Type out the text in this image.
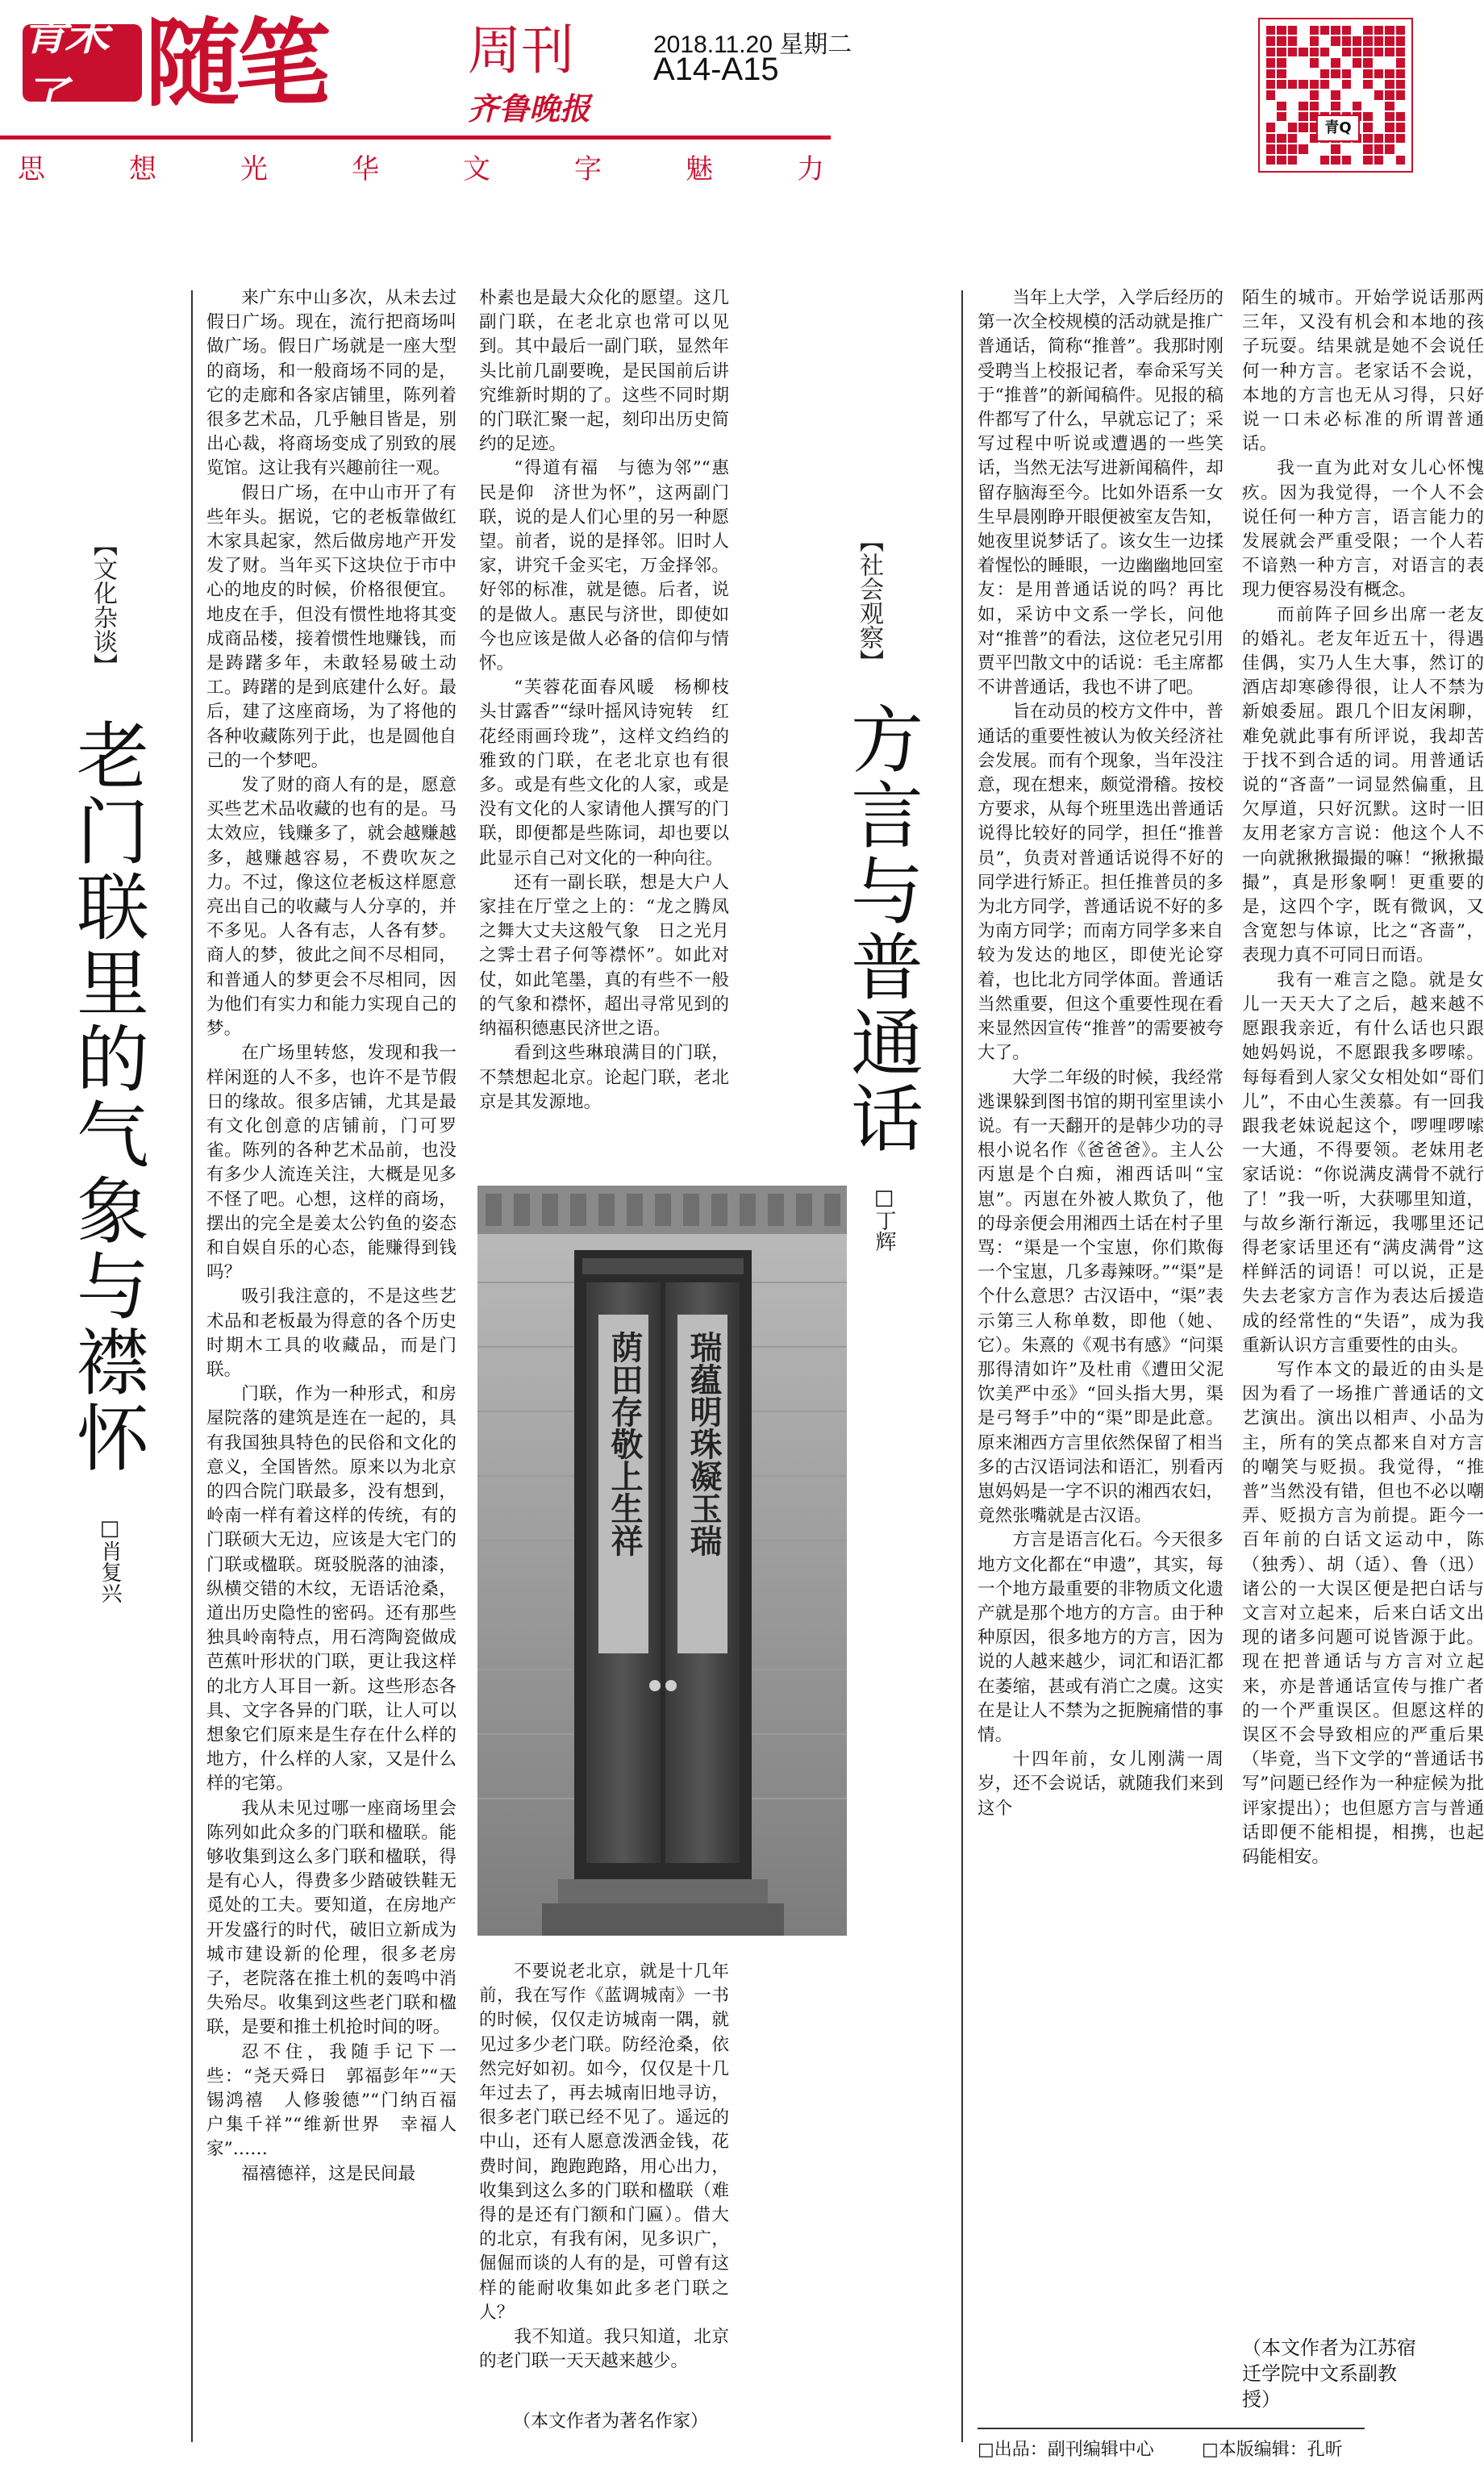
青未了 随笔	周刊
齐鲁晚报
2018.11.20 星期二
A14-A15
思	想	光	华	文	字	魅	力
青Q
【文化杂谈】
老门联里的气象与襟怀
□肖复兴

来广东中山多次，从未去过假日广场。现在，流行把商场叫做广场。假日广场就是一座大型的商场，和一般商场不同的是，它的走廊和各家店铺里，陈列着很多艺术品，几乎触目皆是，别出心裁，将商场变成了别致的展览馆。这让我有兴趣前往一观。

假日广场，在中山市开了有些年头。据说，它的老板靠做红木家具起家，然后做房地产开发发了财。当年买下这块位于市中心的地皮的时候，价格很便宜。地皮在手，但没有惯性地将其变成商品楼，接着惯性地赚钱，而是踌躇多年，未敢轻易破土动工。踌躇的是到底建什么好。最后，建了这座商场，为了将他的各种收藏陈列于此，也是圆他自己的一个梦吧。

发了财的商人有的是，愿意买些艺术品收藏的也有的是。马太效应，钱赚多了，就会越赚越多，越赚越容易，不费吹灰之力。不过，像这位老板这样愿意亮出自己的收藏与人分享的，并不多见。人各有志，人各有梦。商人的梦，彼此之间不尽相同，和普通人的梦更会不尽相同，因为他们有实力和能力实现自己的梦。

在广场里转悠，发现和我一样闲逛的人不多，也许不是节假日的缘故。很多店铺，尤其是最有文化创意的店铺前，门可罗雀。陈列的各种艺术品前，也没有多少人流连关注，大概是见多不怪了吧。心想，这样的商场，摆出的完全是姜太公钓鱼的姿态和自娱自乐的心态，能赚得到钱吗？

吸引我注意的，不是这些艺术品和老板最为得意的各个历史时期木工具的收藏品，而是门联。

门联，作为一种形式，和房屋院落的建筑是连在一起的，具有我国独具特色的民俗和文化的意义，全国皆然。原来以为北京的四合院门联最多，没有想到，岭南一样有着这样的传统，有的门联硕大无边，应该是大宅门的门联或楹联。斑驳脱落的油漆，纵横交错的木纹，无语话沧桑，道出历史隐性的密码。还有那些独具岭南特点，用石湾陶瓷做成芭蕉叶形状的门联，更让我这样的北方人耳目一新。这些形态各具、文字各异的门联，让人可以想象它们原来是生存在什么样的地方，什么样的人家，又是什么样的宅第。

我从未见过哪一座商场里会陈列如此众多的门联和楹联。能够收集到这么多门联和楹联，得是有心人，得费多少踏破铁鞋无觅处的工夫。要知道，在房地产开发盛行的时代，破旧立新成为城市建设新的伦理，很多老房子，老院落在推土机的轰鸣中消失殆尽。收集到这些老门联和楹联，是要和推土机抢时间的呀。

忍不住，我随手记下一些：“尧天舜日　郭福彭年”“天锡鸿禧　人修骏德”“门纳百福　户集千祥”“维新世界　幸福人家”……

福禧德祥，这是民间最

朴素也是最大众化的愿望。这几副门联，在老北京也常可以见到。其中最后一副门联，显然年头比前几副要晚，是民国前后讲究维新时期的了。这些不同时期的门联汇聚一起，刻印出历史简约的足迹。

“得道有福　与德为邻”“惠民是仰　济世为怀”，这两副门联，说的是人们心里的另一种愿望。前者，说的是择邻。旧时人家，讲究千金买宅，万金择邻。好邻的标准，就是德。后者，说的是做人。惠民与济世，即使如今也应该是做人必备的信仰与情怀。

“芙蓉花面春风暖　杨柳枝头甘露香”“绿叶摇风诗宛转　红花经雨画玲珑”，这样文绉绉的雅致的门联，在老北京也有很多。或是有些文化的人家，或是没有文化的人家请他人撰写的门联，即便都是些陈词，却也要以此显示自己对文化的一种向往。

还有一副长联，想是大户人家挂在厅堂之上的：“龙之腾凤之舞大丈夫这般气象　日之光月之霁士君子何等襟怀”。如此对仗，如此笔墨，真的有些不一般的气象和襟怀，超出寻常见到的纳福积德惠民济世之语。

看到这些琳琅满目的门联，不禁想起北京。论起门联，老北京是其发源地。

荫田存敬上生祥 瑞蕴明珠凝玉瑞

不要说老北京，就是十几年前，我在写作《蓝调城南》一书的时候，仅仅走访城南一隅，就见过多少老门联。防经沧桑，依然完好如初。如今，仅仅是十几年过去了，再去城南旧地寻访，很多老门联已经不见了。遥远的中山，还有人愿意泼洒金钱，花费时间，跑跑跑路，用心出力，收集到这么多的门联和楹联（难得的是还有门额和门匾）。借大的北京，有我有闲，见多识广，倔倔而谈的人有的是，可曾有这样的能耐收集如此多老门联之人？

我不知道。我只知道，北京的老门联一天天越来越少。

（本文作者为著名作家）
【社会观察】
方言与普通话
□丁辉

当年上大学，入学后经历的第一次全校规模的活动就是推广普通话，简称“推普”。我那时刚受聘当上校报记者，奉命采写关于“推普”的新闻稿件。见报的稿件都写了什么，早就忘记了；采写过程中听说或遭遇的一些笑话，当然无法写进新闻稿件，却留存脑海至今。比如外语系一女生早晨刚睁开眼便被室友告知，她夜里说梦话了。该女生一边揉着惺忪的睡眼，一边幽幽地回室友：是用普通话说的吗？再比如，采访中文系一学长，问他对“推普”的看法，这位老兄引用贾平凹散文中的话说：毛主席都不讲普通话，我也不讲了吧。

旨在动员的校方文件中，普通话的重要性被认为攸关经济社会发展。而有个现象，当年没注意，现在想来，颇觉滑稽。按校方要求，从每个班里选出普通话说得比较好的同学，担任“推普员”，负责对普通话说得不好的同学进行矫正。担任推普员的多为北方同学，普通话说不好的多为南方同学；而南方同学多来自较为发达的地区，即使光论穿着，也比北方同学体面。普通话当然重要，但这个重要性现在看来显然因宣传“推普”的需要被夸大了。

大学二年级的时候，我经常逃课躲到图书馆的期刊室里读小说。有一天翻开的是韩少功的寻根小说名作《爸爸爸》。主人公丙崽是个白痴，湘西话叫“宝崽”。丙崽在外被人欺负了，他的母亲便会用湘西土话在村子里骂：“渠是一个宝崽，你们欺侮一个宝崽，几多毒辣呀。”“渠”是个什么意思？古汉语中，“渠”表示第三人称单数，即他（她、它）。朱熹的《观书有感》“问渠那得清如许”及杜甫《遭田父泥饮美严中丞》“回头指大男，渠是弓弩手”中的“渠”即是此意。原来湘西方言里依然保留了相当多的古汉语词法和语汇，别看丙崽妈妈是一字不识的湘西农妇，竟然张嘴就是古汉语。

方言是语言化石。今天很多地方文化都在“申遗”，其实，每一个地方最重要的非物质文化遗产就是那个地方的方言。由于种种原因，很多地方的方言，因为说的人越来越少，词汇和语汇都在萎缩，甚或有消亡之虞。这实在是让人不禁为之扼腕痛惜的事情。

十四年前，女儿刚满一周岁，还不会说话，就随我们来到这个

陌生的城市。开始学说话那两三年，又没有机会和本地的孩子玩耍。结果就是她不会说任何一种方言。老家话不会说，本地的方言也无从习得，只好说一口未必标准的所谓普通话。

我一直为此对女儿心怀愧疚。因为我觉得，一个人不会说任何一种方言，语言能力的发展就会严重受限；一个人若不谙熟一种方言，对语言的表现力便容易没有概念。

而前阵子回乡出席一老友的婚礼。老友年近五十，得遇佳偶，实乃人生大事，然订的酒店却寒碜得很，让人不禁为新娘委屈。跟几个旧友闲聊，难免就此事有所评说，我却苦于找不到合适的词。用普通话说的“吝啬”一词显然偏重，且欠厚道，只好沉默。这时一旧友用老家方言说：他这个人不一向就揪揪撮撮的嘛！“揪揪撮撮”，真是形象啊！更重要的是，这四个字，既有微讽，又含宽恕与体谅，比之“吝啬”，表现力真不可同日而语。

我有一难言之隐。就是女儿一天天大了之后，越来越不愿跟我亲近，有什么话也只跟她妈妈说，不愿跟我多啰嗦。每每看到人家父女相处如“哥们儿”，不由心生羡慕。有一回我跟我老妹说起这个，啰哩啰嗦一大通，不得要领。老妹用老家话说：“你说满皮满骨不就行了！”我一听，大获哪里知道，与故乡渐行渐远，我哪里还记得老家话里还有“满皮满骨”这样鲜活的词语！可以说，正是失去老家方言作为表达后援造成的经常性的“失语”，成为我重新认识方言重要性的由头。

写作本文的最近的由头是因为看了一场推广普通话的文艺演出。演出以相声、小品为主，所有的笑点都来自对方言的嘲笑与贬损。我觉得，“推普”当然没有错，但也不必以嘲弄、贬损方言为前提。距今一百年前的白话文运动中，陈（独秀）、胡（适）、鲁（迅）诸公的一大误区便是把白话与文言对立起来，后来白话文出现的诸多问题可说皆源于此。现在把普通话与方言对立起来，亦是普通话宣传与推广者的一个严重误区。但愿这样的误区不会导致相应的严重后果（毕竟，当下文学的“普通话书写”问题已经作为一种症候为批评家提出）；也但愿方言与普通话即便不能相提，相携，也起码能相安。

（本文作者为江苏宿迁学院中文系副教授）
□出品：副刊编辑中心	□本版编辑：孔昕
